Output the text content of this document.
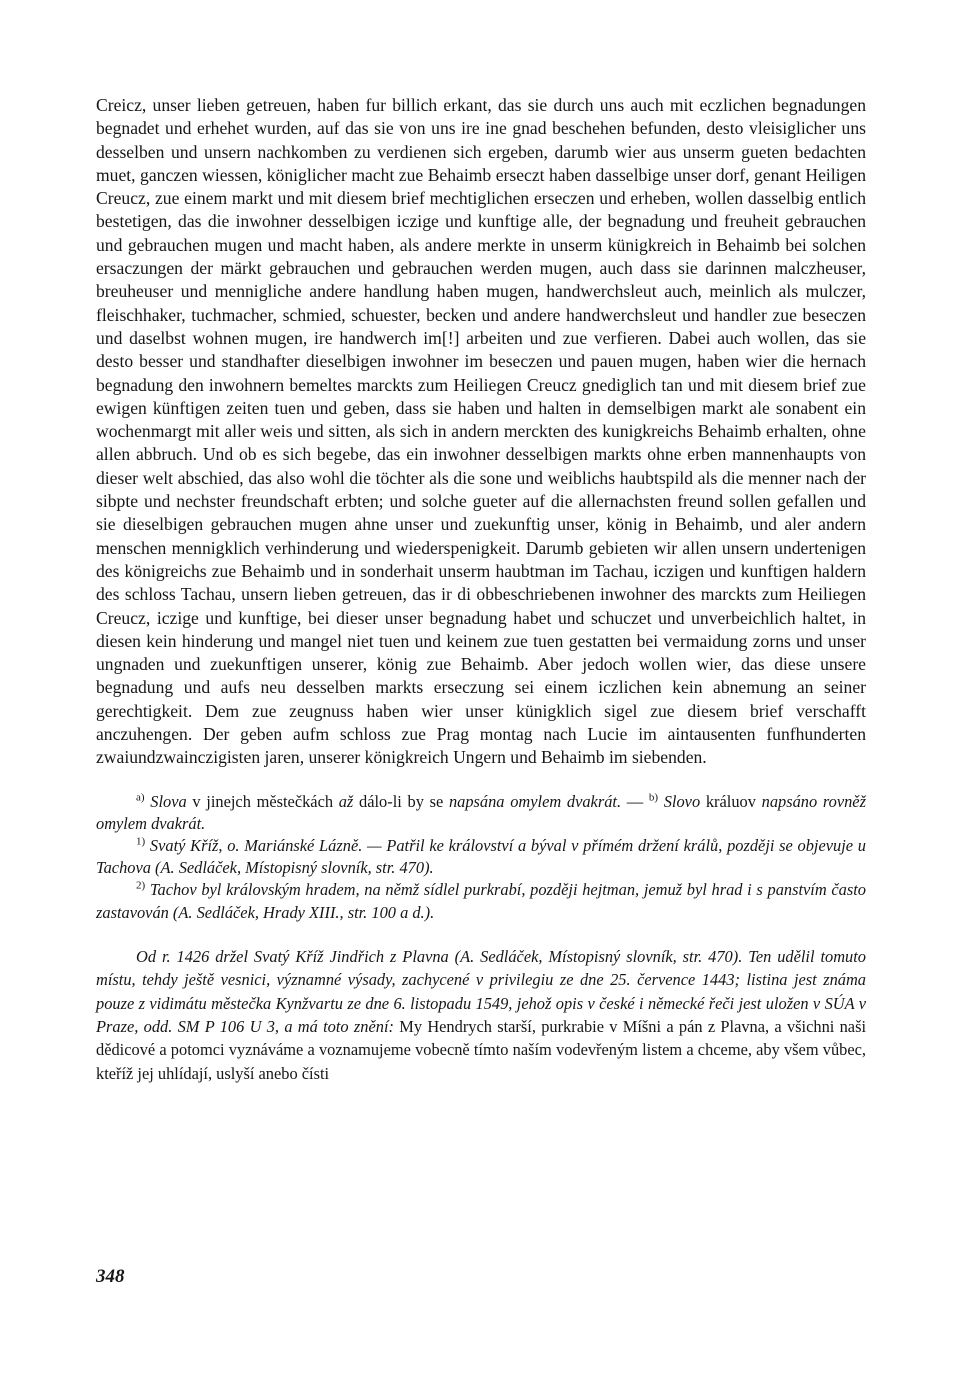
Creicz, unser lieben getreuen, haben fur billich erkant, das sie durch uns auch mit eczlichen begnadungen begnadet und erhehet wurden, auf das sie von uns ire ine gnad beschehen befunden, desto vleisiglicher uns desselben und unsern nachkomben zu verdienen sich ergeben, darumb wier aus unserm gueten bedachten muet, ganczen wiessen, königlicher macht zue Behaimb erseczt haben dasselbige unser dorf, genant Heiligen Creucz, zue einem markt und mit diesem brief mechtiglichen erseczen und erheben, wollen dasselbig entlich bestetigen, das die inwohner desselbigen iczige und kunftige alle, der begnadung und freuheit gebrauchen und gebrauchen mugen und macht haben, als andere merkte in unserm künigkreich in Behaimb bei solchen ersaczungen der märkt gebrauchen und gebrauchen werden mugen, auch dass sie darinnen malczheuser, breuheuser und mennigliche andere handlung haben mugen, handwerchsleut auch, meinlich als mulczer, fleischhaker, tuchmacher, schmied, schuester, becken und andere handwerchsleut und handler zue beseczen und daselbst wohnen mugen, ire handwerch im[!] arbeiten und zue verfieren. Dabei auch wollen, das sie desto besser und standhafter dieselbigen inwohner im beseczen und pauen mugen, haben wier die hernach begnadung den inwohnern bemeltes marckts zum Heiliegen Creucz gnediglich tan und mit diesem brief zue ewigen künftigen zeiten tuen und geben, dass sie haben und halten in demselbigen markt ale sonabent ein wochenmargt mit aller weis und sitten, als sich in andern merckten des kunigkreichs Behaimb erhalten, ohne allen abbruch. Und ob es sich begebe, das ein inwohner desselbigen markts ohne erben mannenhaupts von dieser welt abschied, das also wohl die töchter als die sone und weiblichs haubtspild als die menner nach der sibpte und nechster freundschaft erbten; und solche gueter auf die allernachsten freund sollen gefallen und sie dieselbigen gebrauchen mugen ahne unser und zuekunftig unser, könig in Behaimb, und aler andern menschen mennigklich verhinderung und wiederspenigkeit. Darumb gebieten wir allen unsern undertenigen des königreichs zue Behaimb und in sonderhait unserm haubtman im Tachau, iczigen und kunftigen haldern des schloss Tachau, unsern lieben getreuen, das ir di obbeschriebenen inwohner des marckts zum Heiliegen Creucz, iczige und kunftige, bei dieser unser begnadung habet und schuczet und unverbeichlich haltet, in diesen kein hinderung und mangel niet tuen und keinem zue tuen gestatten bei vermaidung zorns und unser ungnaden und zuekunftigen unserer, könig zue Behaimb. Aber jedoch wollen wier, das diese unsere begnadung und aufs neu desselben markts erseczung sei einem iczlichen kein abnemung an seiner gerechtigkeit. Dem zue zeugnuss haben wier unser künigklich sigel zue diesem brief verschafft anczuhengen. Der geben aufm schloss zue Prag montag nach Lucie im aintausenten funfhunderten zwaiundzwainczigisten jaren, unserer königkreich Ungern und Behaimb im siebenden.

$^{a)}$ Slova v jinejch městečkách až dálo-li by se napsána omylem dvakrát. — $^{b)}$ Slovo králuov napsáno rovněž omylem dvakrát.

$^{1)}$ Svatý Kříž, o. Mariánské Lázně. — Patřil ke království a býval v přímém držení králů, později se objevuje u Tachova (A. Sedláček, Místopisný slovník, str. 470).

$^{2)}$ Tachov byl královským hradem, na němž sídlel purkrabí, později hejtman, jemuž byl hrad i s panstvím často zastavován (A. Sedláček, Hrady XIII., str. 100 a d.).

Od r. 1426 držel Svatý Kříž Jindřich z Plavna (A. Sedláček, Místopisný slovník, str. 470). Ten udělil tomuto místu, tehdy ještě vesnici, významné výsady, zachycené v privilegiu ze dne 25. července 1443; listina jest známa pouze z vidimátu městečka Kynžvartu ze dne 6. listopadu 1549, jehož opis v české i německé řeči jest uložen v SÚA v Praze, odd. SM P 106 U 3, a má toto znění: My Hendrych starší, purkrabie v Míšni a pán z Plavna, a všichni naši dědicové a potomci vyznáváme a voznamujeme vobecně tímto naším vodevřeným listem a chceme, aby všem vůbec, kteříž jej uhlídají, uslyší anebo čísti

348
